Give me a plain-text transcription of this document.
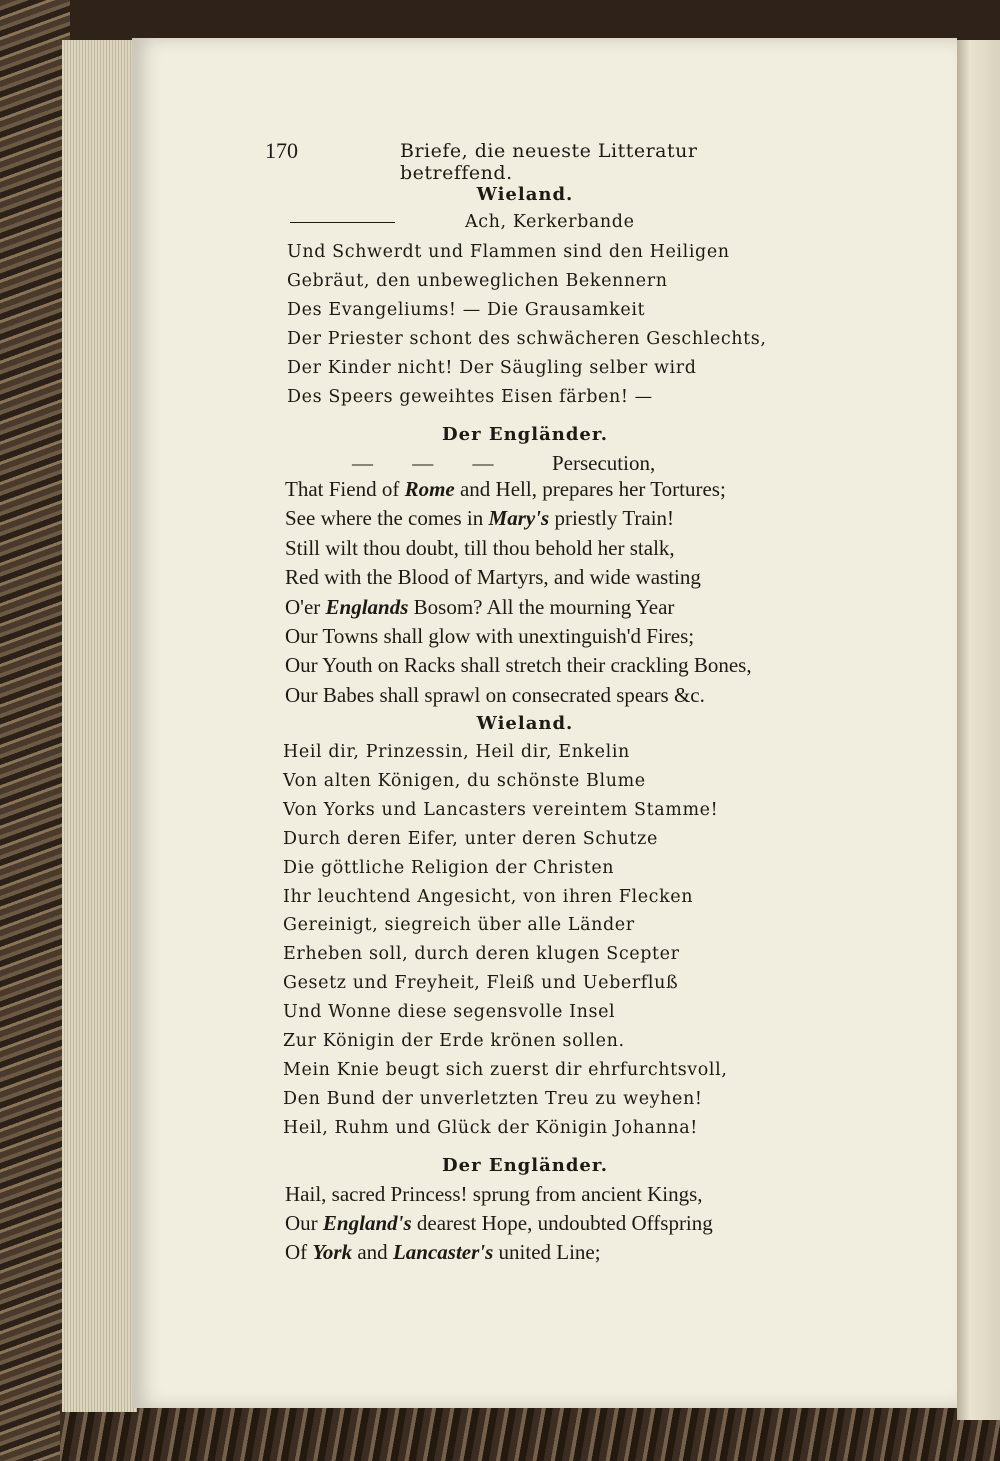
170	Briefe, die neueste Litteratur betreffend.
Wieland.
Ach, Kerkerbande
Und Schwerdt und Flammen sind den Heiligen
Gebräut, den unbeweglichen Bekennern
Des Evangeliums! — Die Grausamkeit
Der Priester schont des schwächeren Geschlechts,
Der Kinder nicht! Der Säugling selber wird
Des Speers geweihtes Eisen färben! —
Der Engländer.
— — —	Persecution,
That Fiend of Rome and Hell, prepares her Tortures;
See where the comes in Mary's priestly Train!
Still wilt thou doubt, till thou behold her stalk,
Red with the Blood of Martyrs, and wide wasting
O'er Englands Bosom? All the mourning Year
Our Towns shall glow with unextinguish'd Fires;
Our Youth on Racks shall stretch their crackling Bones,
Our Babes shall sprawl on consecrated spears &c.
Wieland.
Heil dir, Prinzessin, Heil dir, Enkelin
Von alten Königen, du schönste Blume
Von Yorks und Lancasters vereintem Stamme!
Durch deren Eifer, unter deren Schutze
Die göttliche Religion der Christen
Ihr leuchtend Angesicht, von ihren Flecken
Gereinigt, siegreich über alle Länder
Erheben soll, durch deren klugen Scepter
Gesetz und Freyheit, Fleiß und Ueberfluß
Und Wonne diese segensvolle Insel
Zur Königin der Erde krönen sollen.
Mein Knie beugt sich zuerst dir ehrfurchtsvoll,
Den Bund der unverletzten Treu zu weyhen!
Heil, Ruhm und Glück der Königin Johanna!
Der Engländer.
Hail, sacred Princess! sprung from ancient Kings,
Our England's dearest Hope, undoubted Offspring
Of York and Lancaster's united Line;
